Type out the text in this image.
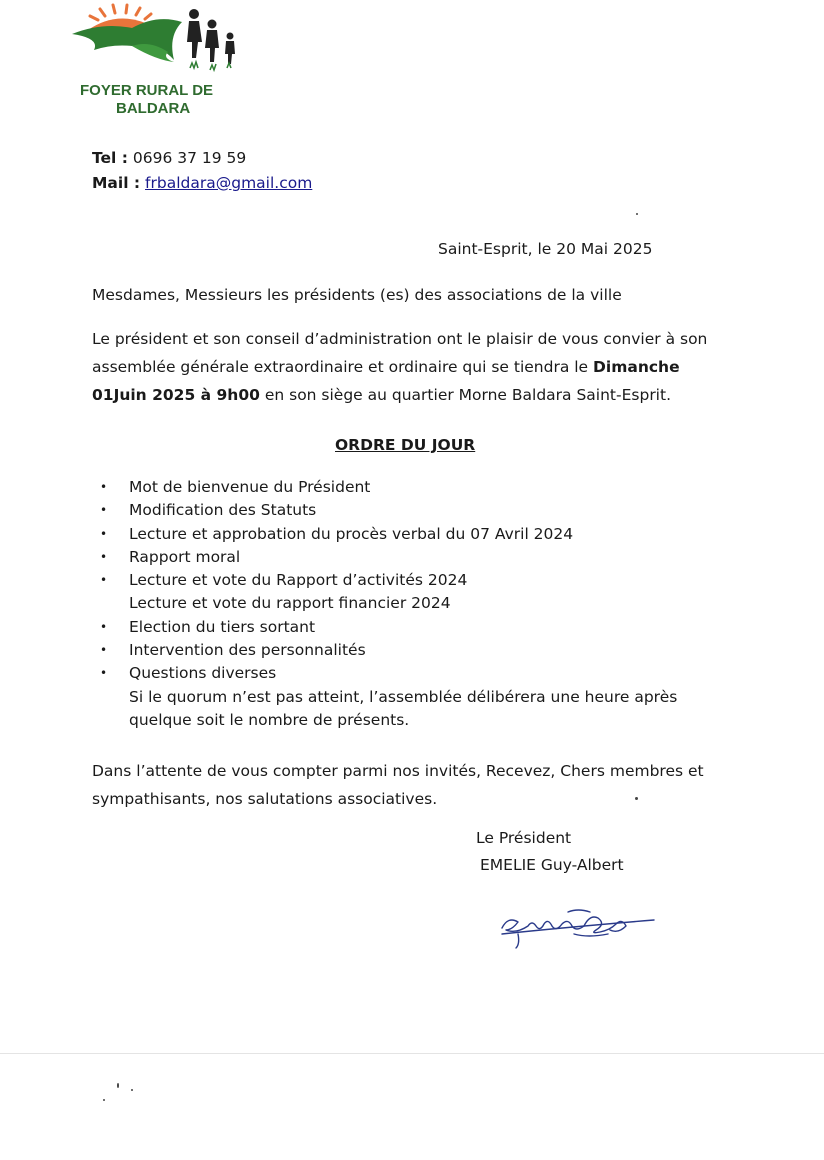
FOYER RURAL DE
BALDARA
Tel : 0696 37 19 59
Mail : frbaldara@gmail.com
Saint-Esprit, le 20 Mai 2025
Mesdames, Messieurs les présidents (es) des associations de la ville
Le président et son conseil d’administration ont le plaisir de vous convier à son
assemblée générale extraordinaire et ordinaire qui se tiendra le Dimanche
01Juin 2025 à 9h00 en son siège au quartier Morne Baldara Saint-Esprit.
ORDRE DU JOUR
• Mot de bienvenue du Président
• Modification des Statuts
• Lecture et approbation du procès verbal du 07 Avril 2024
• Rapport moral
• Lecture et vote du Rapport d’activités 2024
Lecture et vote du rapport financier 2024
• Election du tiers sortant
• Intervention des personnalités
• Questions diverses
Si le quorum n’est pas atteint, l’assemblée délibérera une heure après
quelque soit le nombre de présents.
Dans l’attente de vous compter parmi nos invités, Recevez, Chers membres et
sympathisants, nos salutations associatives.
Le Président
EMELIE Guy-Albert
